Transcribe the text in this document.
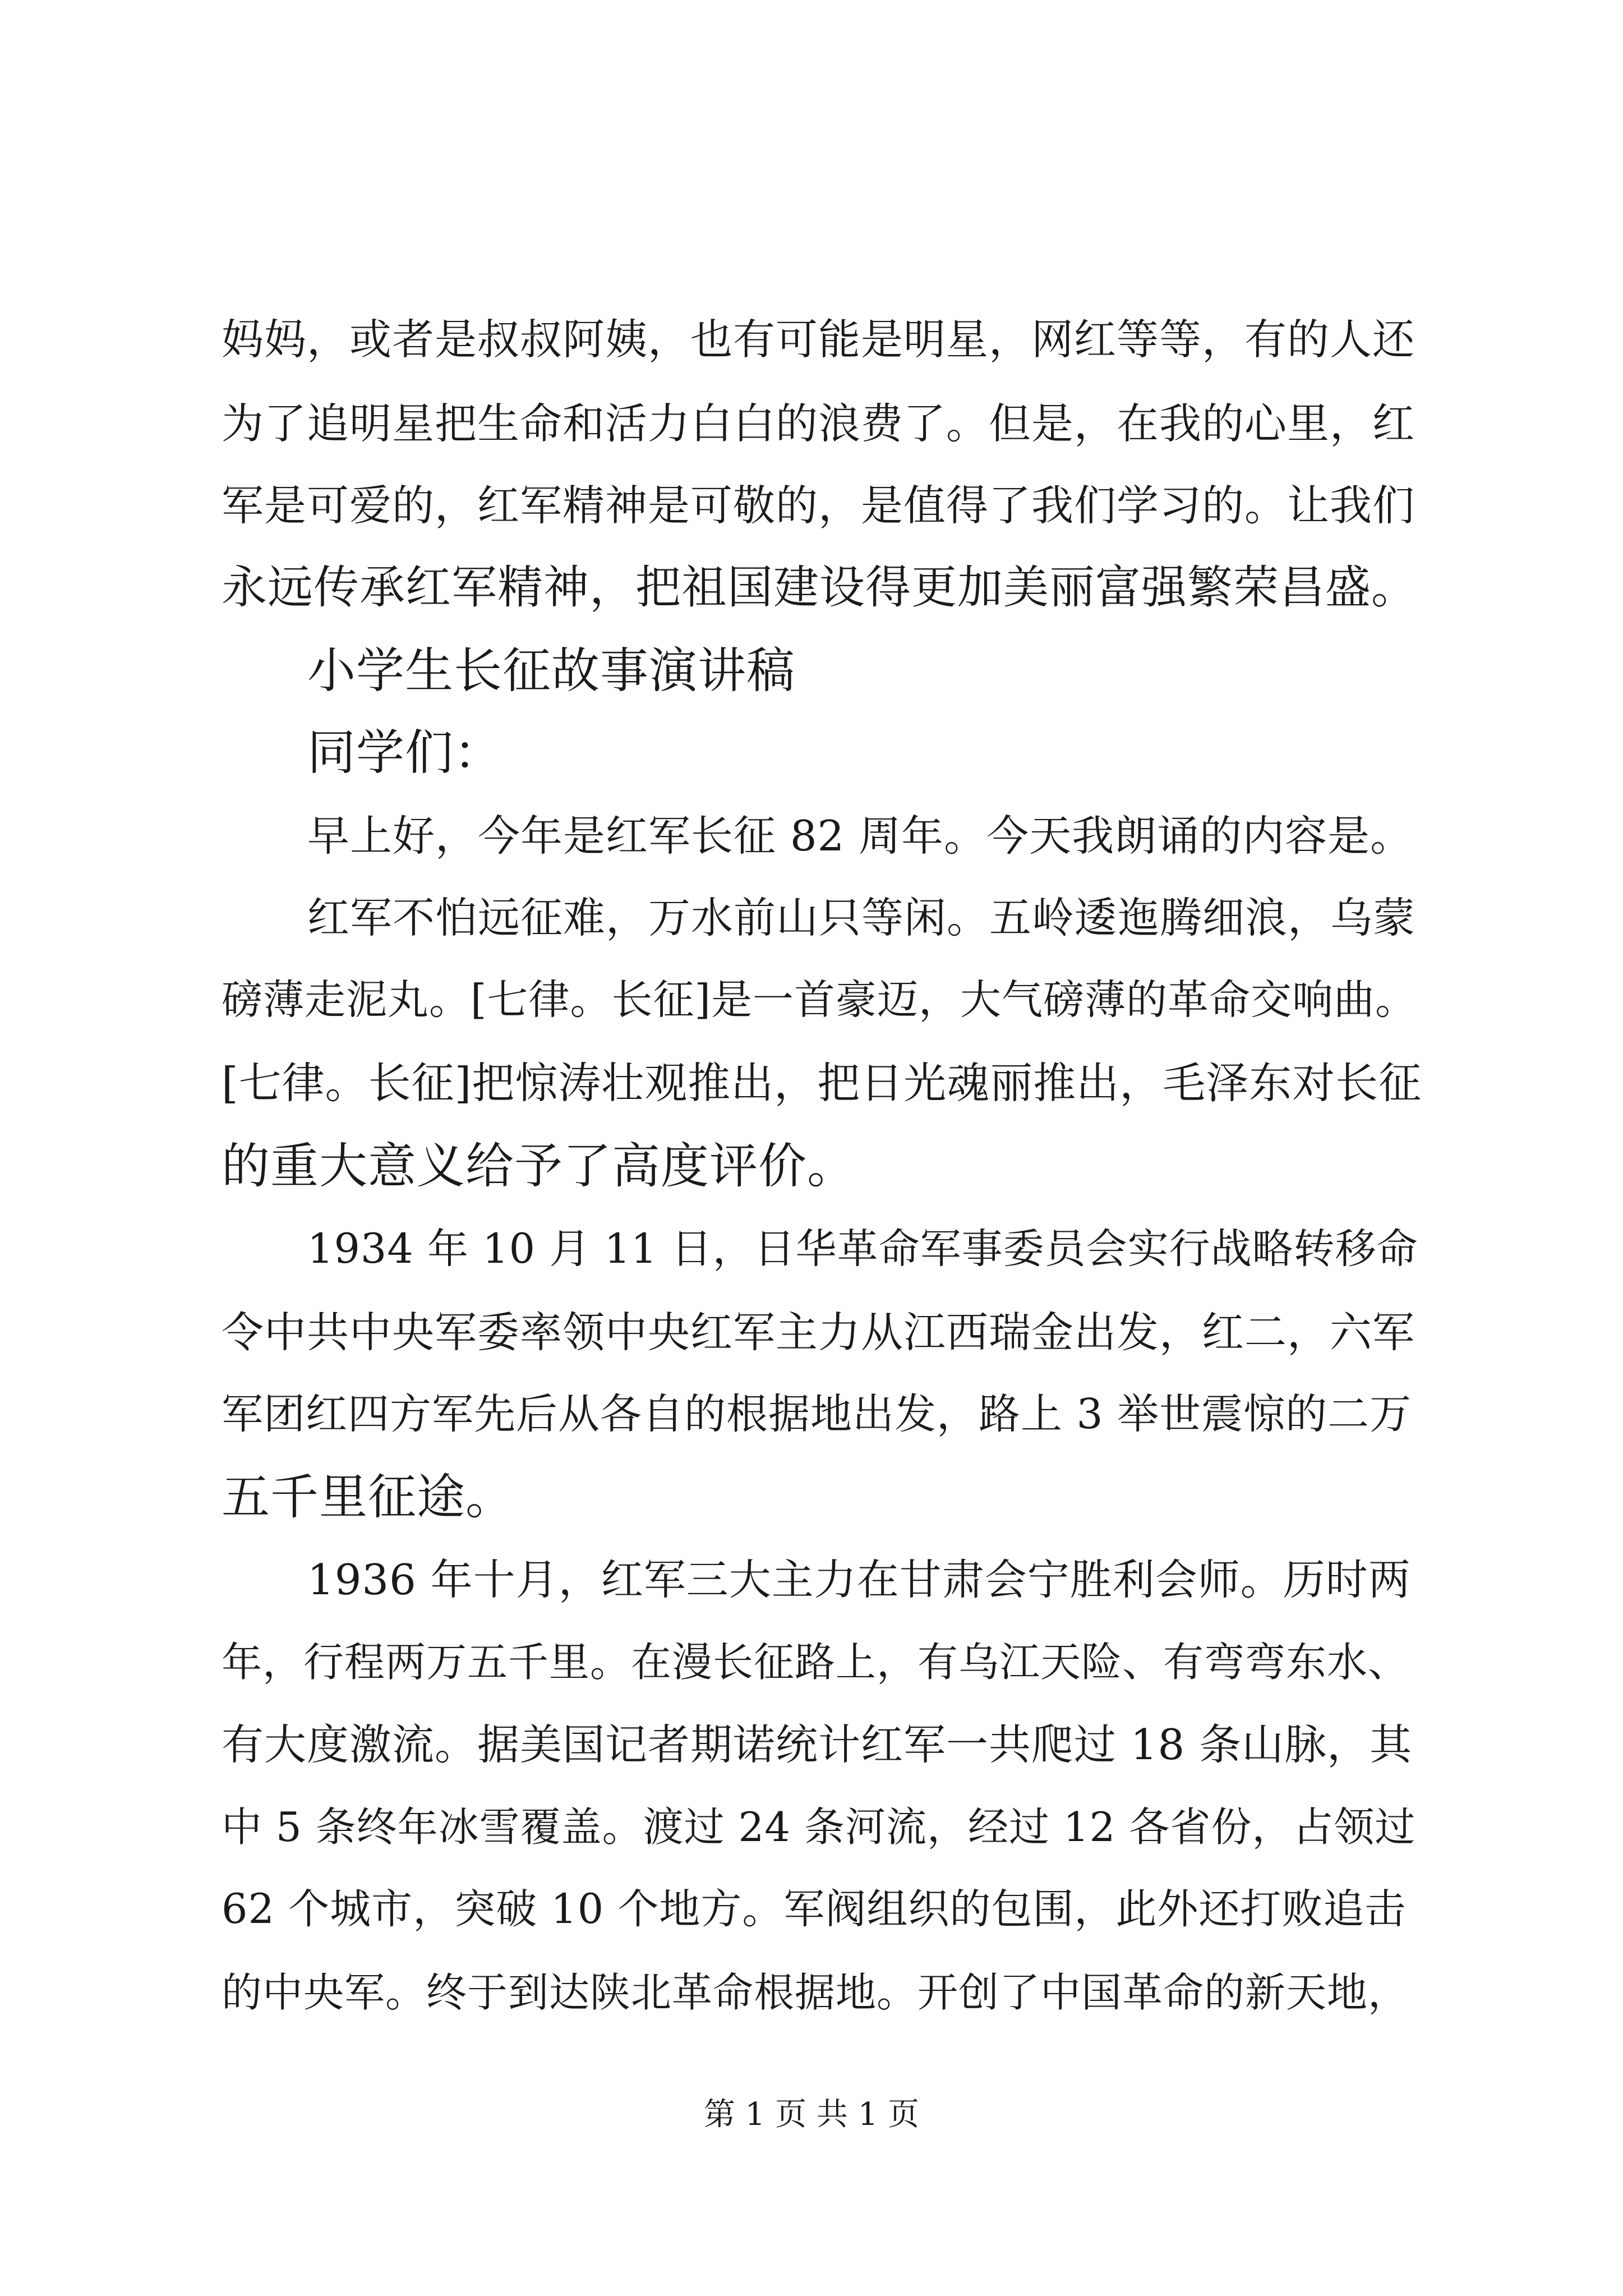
妈妈，或者是叔叔阿姨，也有可能是明星，网红等等，有的人还
为了追明星把生命和活力白白的浪费了。但是，在我的心里，红
军是可爱的，红军精神是可敬的，是值得了我们学习的。让我们
永远传承红军精神，把祖国建设得更加美丽富强繁荣昌盛。
小学生长征故事演讲稿
同学们：
早上好，今年是红军长征 82 周年。今天我朗诵的内容是。
红军不怕远征难，万水前山只等闲。五岭逶迤腾细浪，乌蒙
磅薄走泥丸。[七律。长征]是一首豪迈，大气磅薄的革命交响曲。
[七律。长征]把惊涛壮观推出，把日光魂丽推出，毛泽东对长征
的重大意义给予了高度评价。
1934 年 10 月 11 日，日华革命军事委员会实行战略转移命
令中共中央军委率领中央红军主力从江西瑞金出发，红二，六军
军团红四方军先后从各自的根据地出发，路上 3 举世震惊的二万
五千里征途。
1936 年十月，红军三大主力在甘肃会宁胜利会师。历时两
年，行程两万五千里。在漫长征路上，有乌江天险、有弯弯东水、
有大度激流。据美国记者期诺统计红军一共爬过 18 条山脉，其
中 5 条终年冰雪覆盖。渡过 24 条河流，经过 12 各省份，占领过
62 个城市，突破 10 个地方。军阀组织的包围，此外还打败追击
的中央军。终于到达陕北革命根据地。开创了中国革命的新天地，
第 1 页 共 1 页
